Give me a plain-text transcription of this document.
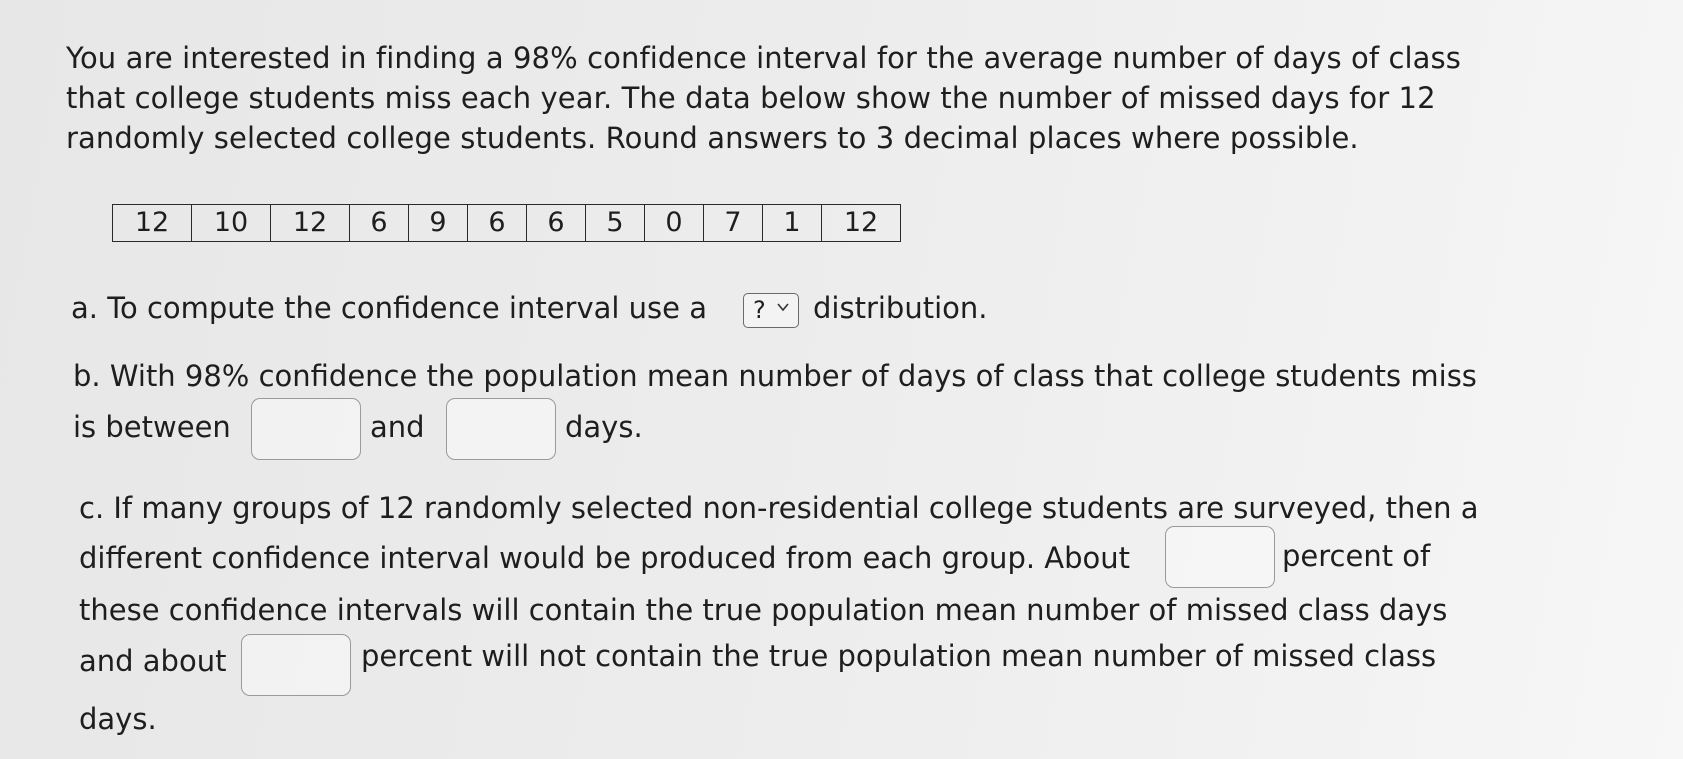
You are interested in finding a 98% confidence interval for the average number of days of class
that college students miss each year. The data below show the number of missed days for 12
randomly selected college students. Round answers to 3 decimal places where possible.
12	10	12	6	9	6	6	5	0	7	1	12
a. To compute the confidence interval use a	?	distribution.
b. With 98% confidence the population mean number of days of class that college students miss
is between	and	days.
c. If many groups of 12 randomly selected non-residential college students are surveyed, then a
different confidence interval would be produced from each group. About	percent of
these confidence intervals will contain the true population mean number of missed class days
and about	percent will not contain the true population mean number of missed class
days.
